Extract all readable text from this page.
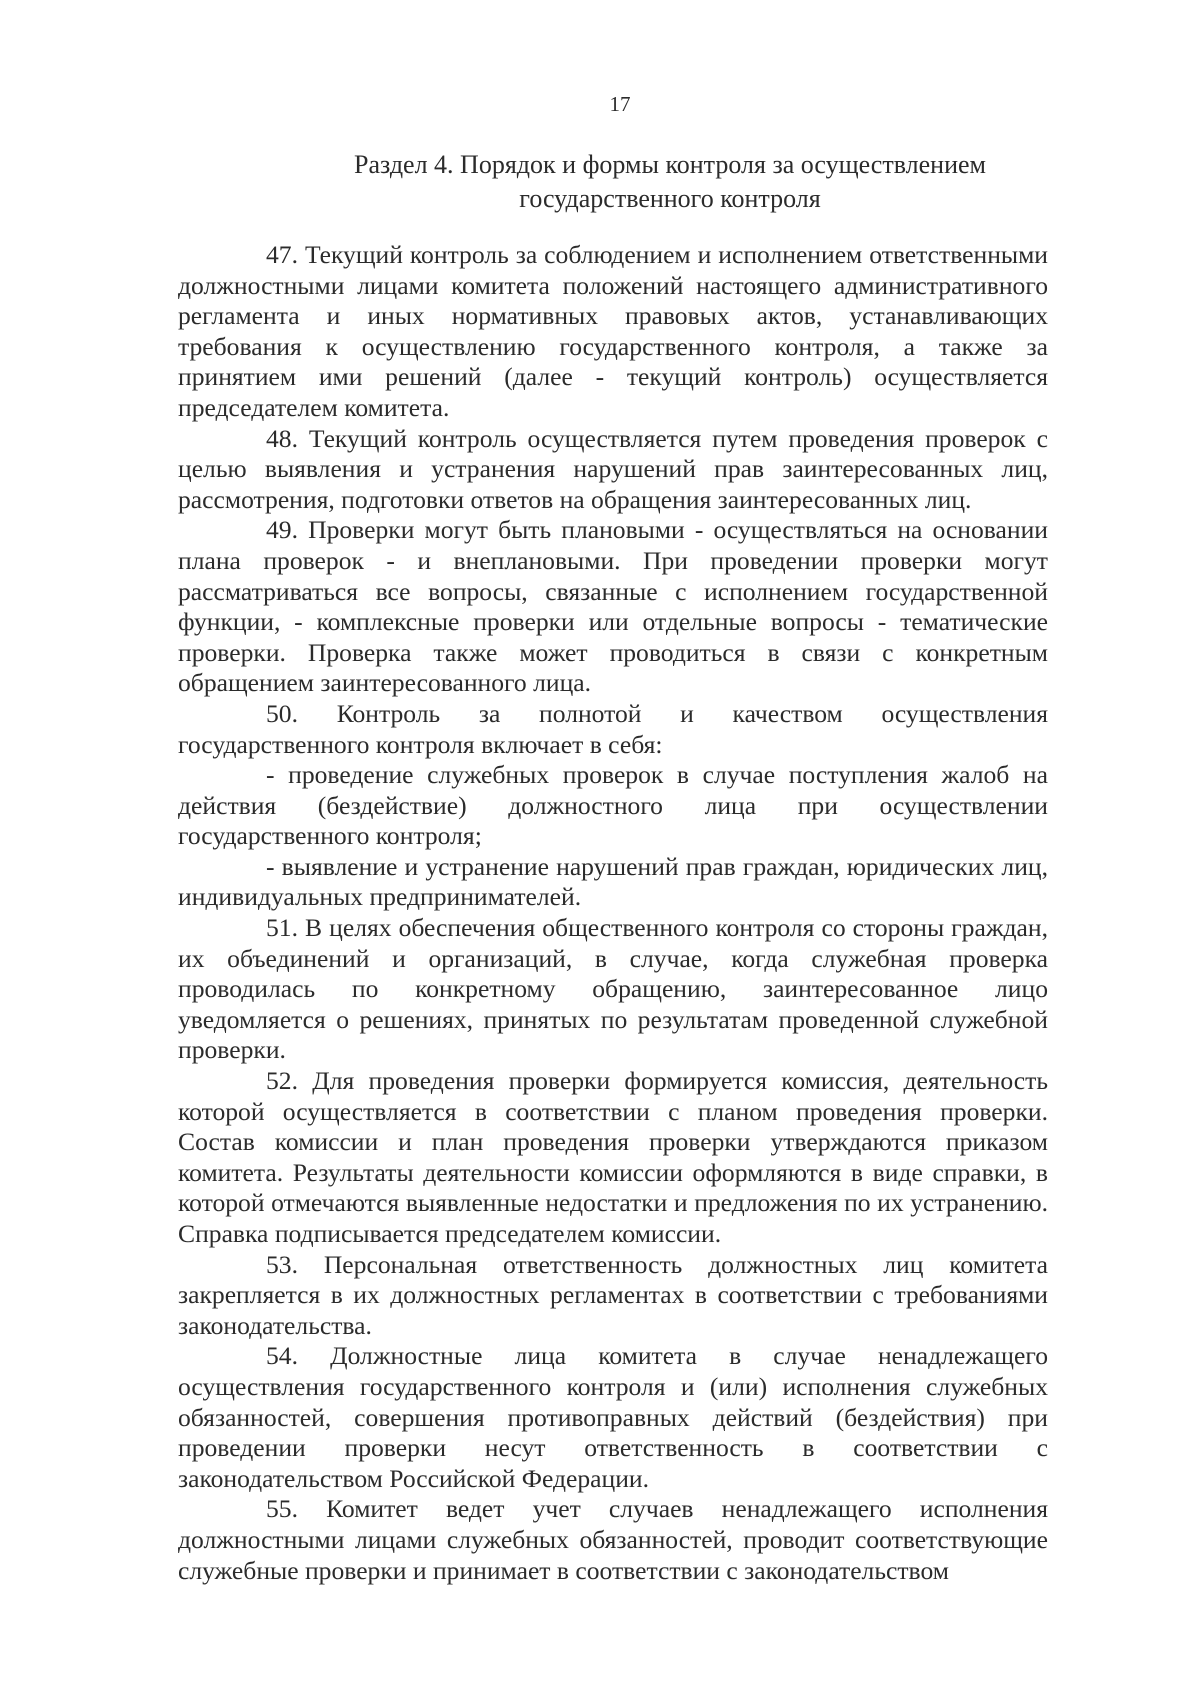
17
Раздел 4. Порядок и формы контроля за осуществлением
государственного контроля

47. Текущий контроль за соблюдением и исполнением ответственными должностными лицами комитета положений настоящего административного регламента и иных нормативных правовых актов, устанавливающих требования к осуществлению государственного контроля, а также за принятием ими решений (далее - текущий контроль) осуществляется председателем комитета.

48. Текущий контроль осуществляется путем проведения проверок с целью выявления и устранения нарушений прав заинтересованных лиц, рассмотрения, подготовки ответов на обращения заинтересованных лиц.

49. Проверки могут быть плановыми - осуществляться на основании плана проверок - и внеплановыми. При проведении проверки могут рассматриваться все вопросы, связанные с исполнением государственной функции, - комплексные проверки или отдельные вопросы - тематические проверки. Проверка также может проводиться в связи с конкретным обращением заинтересованного лица.

50. Контроль за полнотой и качеством осуществления государственного контроля включает в себя:

- проведение служебных проверок в случае поступления жалоб на действия (бездействие) должностного лица при осуществлении государственного контроля;

- выявление и устранение нарушений прав граждан, юридических лиц, индивидуальных предпринимателей.

51. В целях обеспечения общественного контроля со стороны граждан, их объединений и организаций, в случае, когда служебная проверка проводилась по конкретному обращению, заинтересованное лицо уведомляется о решениях, принятых по результатам проведенной служебной проверки.

52. Для проведения проверки формируется комиссия, деятельность которой осуществляется в соответствии с планом проведения проверки. Состав комиссии и план проведения проверки утверждаются приказом комитета. Результаты деятельности комиссии оформляются в виде справки, в которой отмечаются выявленные недостатки и предложения по их устранению. Справка подписывается председателем комиссии.

53. Персональная ответственность должностных лиц комитета закрепляется в их должностных регламентах в соответствии с требованиями законодательства.

54. Должностные лица комитета в случае ненадлежащего осуществления государственного контроля и (или) исполнения служебных обязанностей, совершения противоправных действий (бездействия) при проведении проверки несут ответственность в соответствии с законодательством Российской Федерации.

55. Комитет ведет учет случаев ненадлежащего исполнения должностными лицами служебных обязанностей, проводит соответствующие служебные проверки и принимает в соответствии с законодательством
